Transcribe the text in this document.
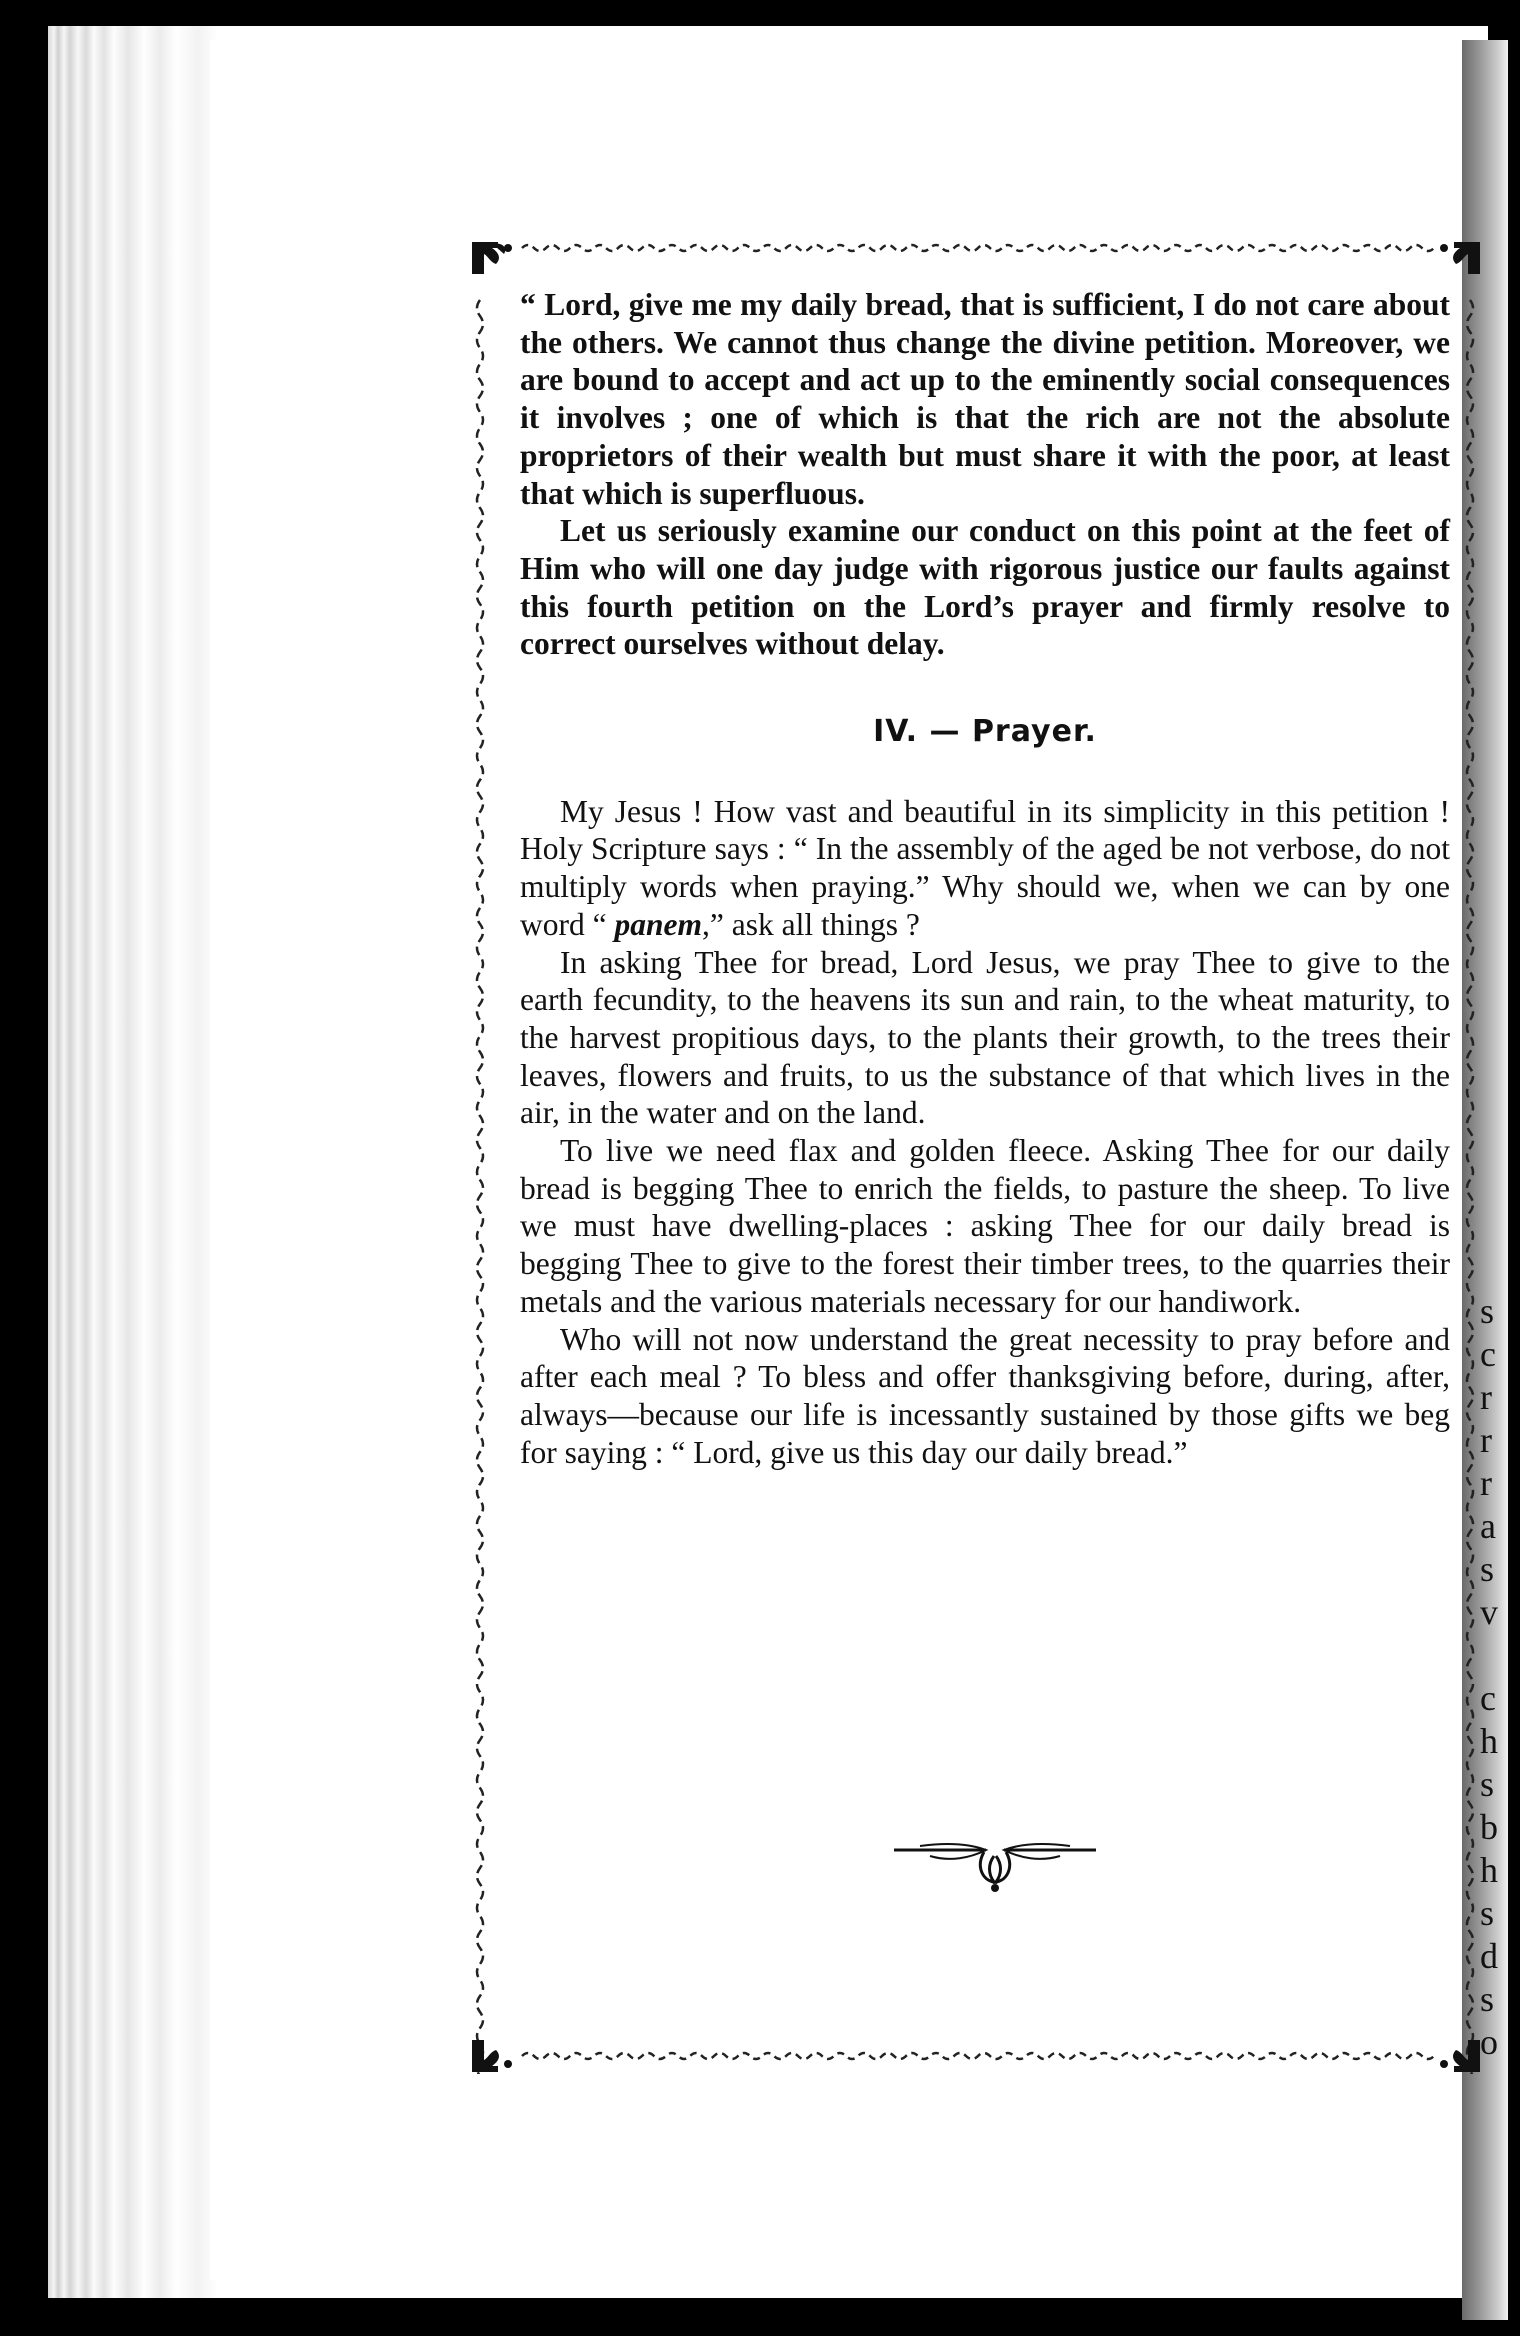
s
c
r
r
r
a
s
v

c
h
s
b
h
s
d
s
o

“ Lord, give me my daily bread, that is sufficient, I do not care about the others. We cannot thus change the divine petition. Moreover, we are bound to accept and act up to the eminently social consequences it involves ; one of which is that the rich are not the absolute proprietors of their wealth but must share it with the poor, at least that which is superfluous.

Let us seriously examine our conduct on this point at the feet of Him who will one day judge with rigorous justice our faults against this fourth petition on the Lord’s prayer and firmly resolve to correct ourselves without delay.

IV. — Prayer.

My Jesus ! How vast and beautiful in its simplicity in this petition ! Holy Scripture says : “ In the assembly of the aged be not verbose, do not multiply words when praying.” Why should we, when we can by one word “ panem,” ask all things ?

In asking Thee for bread, Lord Jesus, we pray Thee to give to the earth fecundity, to the heavens its sun and rain, to the wheat maturity, to the harvest propitious days, to the plants their growth, to the trees their leaves, flowers and fruits, to us the substance of that which lives in the air, in the water and on the land.

To live we need flax and golden fleece. Asking Thee for our daily bread is begging Thee to enrich the fields, to pasture the sheep. To live we must have dwelling-places : asking Thee for our daily bread is begging Thee to give to the forest their timber trees, to the quarries their metals and the various materials necessary for our handiwork.

Who will not now understand the great necessity to pray before and after each meal ? To bless and offer thanksgiving before, during, after, always—because our life is incessantly sustained by those gifts we beg for saying : “ Lord, give us this day our daily bread.”
